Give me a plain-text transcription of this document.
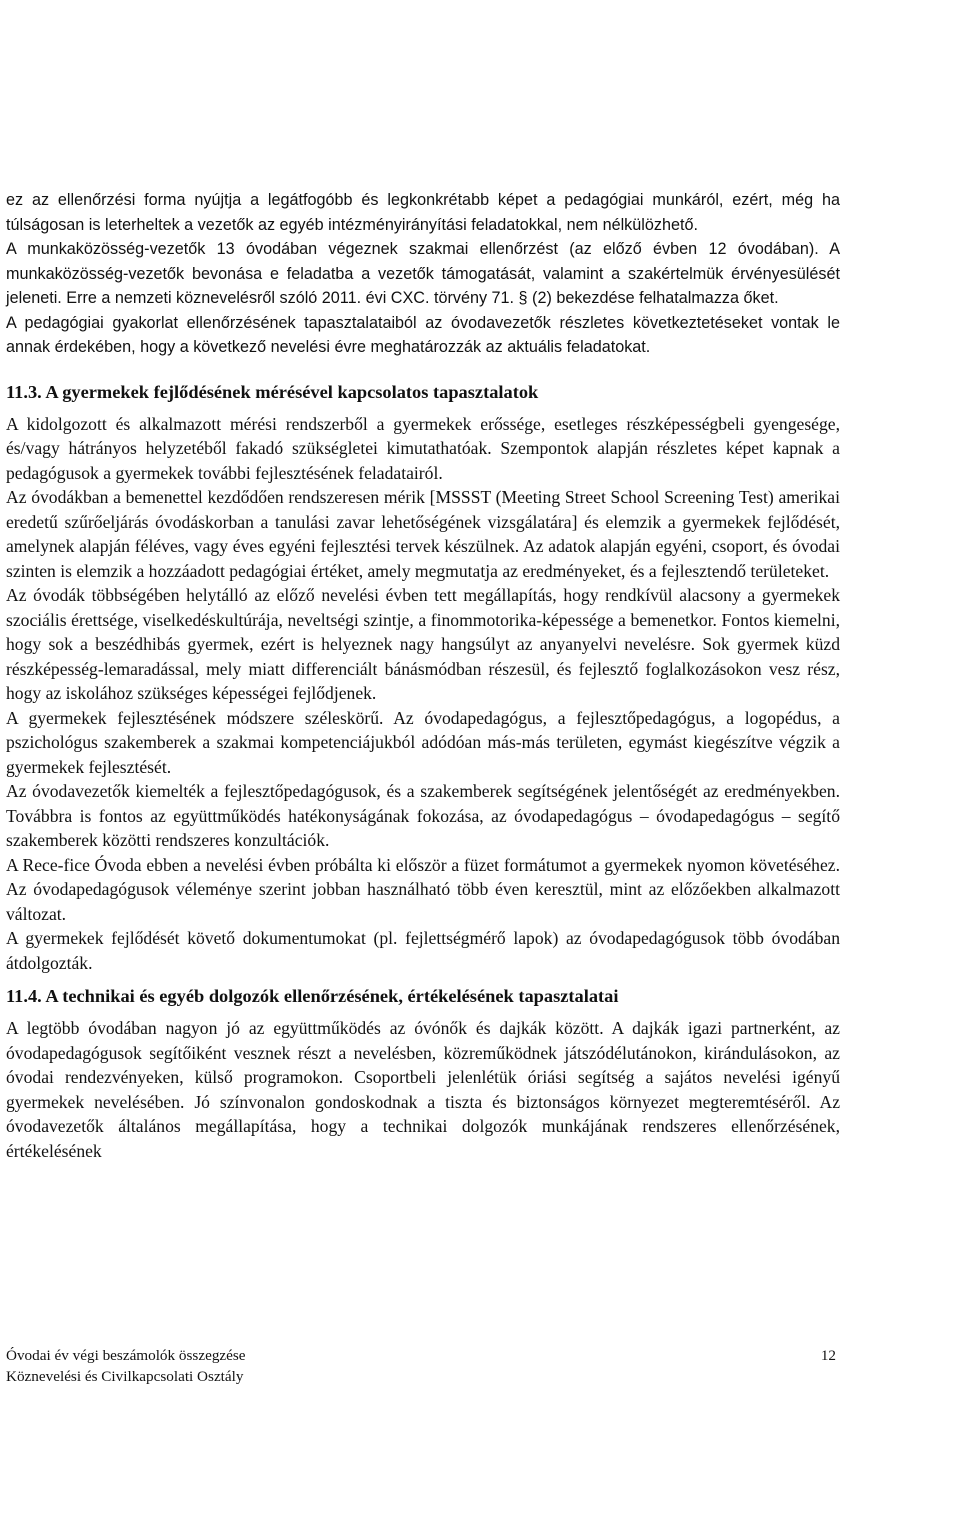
ez az ellenőrzési forma nyújtja a legátfogóbb és legkonkrétabb képet a pedagógiai munkáról, ezért, még ha túlságosan is leterheltek a vezetők az egyéb intézményirányítási feladatokkal, nem nélkülözhető.

A munkaközösség-vezetők 13 óvodában végeznek szakmai ellenőrzést (az előző évben 12 óvodában). A munkaközösség-vezetők bevonása e feladatba a vezetők támogatását, valamint a szakértelmük érvényesülését jeleneti. Erre a nemzeti köznevelésről szóló 2011. évi CXC. törvény 71. § (2) bekezdése felhatalmazza őket.

A pedagógiai gyakorlat ellenőrzésének tapasztalataiból az óvodavezetők részletes következtetéseket vontak le annak érdekében, hogy a következő nevelési évre meghatározzák az aktuális feladatokat.

11.3. A gyermekek fejlődésének mérésével kapcsolatos tapasztalatok

A kidolgozott és alkalmazott mérési rendszerből a gyermekek erőssége, esetleges részképességbeli gyengesége, és/vagy hátrányos helyzetéből fakadó szükségletei kimutathatóak. Szempontok alapján részletes képet kapnak a pedagógusok a gyermekek további fejlesztésének feladatairól.

Az óvodákban a bemenettel kezdődően rendszeresen mérik [MSSST (Meeting Street School Screening Test) amerikai eredetű szűrőeljárás óvodáskorban a tanulási zavar lehetőségének vizsgálatára] és elemzik a gyermekek fejlődését, amelynek alapján féléves, vagy éves egyéni fejlesztési tervek készülnek. Az adatok alapján egyéni, csoport, és óvodai szinten is elemzik a hozzáadott pedagógiai értéket, amely megmutatja az eredményeket, és a fejlesztendő területeket.

Az óvodák többségében helytálló az előző nevelési évben tett megállapítás, hogy rendkívül alacsony a gyermekek szociális érettsége, viselkedéskultúrája, neveltségi szintje, a finommotorika-képessége a bemenetkor. Fontos kiemelni, hogy sok a beszédhibás gyermek, ezért is helyeznek nagy hangsúlyt az anyanyelvi nevelésre. Sok gyermek küzd részképesség-lemaradással, mely miatt differenciált bánásmódban részesül, és fejlesztő foglalkozásokon vesz rész, hogy az iskolához szükséges képességei fejlődjenek.

A gyermekek fejlesztésének módszere széleskörű. Az óvodapedagógus, a fejlesztőpedagógus, a logopédus, a pszichológus szakemberek a szakmai kompetenciájukból adódóan más-más területen, egymást kiegészítve végzik a gyermekek fejlesztését.

Az óvodavezetők kiemelték a fejlesztőpedagógusok, és a szakemberek segítségének jelentőségét az eredményekben. Továbbra is fontos az együttműködés hatékonyságának fokozása, az óvodapedagógus – óvodapedagógus – segítő szakemberek közötti rendszeres konzultációk.

A Rece-fice Óvoda ebben a nevelési évben próbálta ki először a füzet formátumot a gyermekek nyomon követéséhez. Az óvodapedagógusok véleménye szerint jobban használható több éven keresztül, mint az előzőekben alkalmazott változat.

A gyermekek fejlődését követő dokumentumokat (pl. fejlettségmérő lapok) az óvodapedagógusok több óvodában átdolgozták.

11.4. A technikai és egyéb dolgozók ellenőrzésének, értékelésének tapasztalatai

A legtöbb óvodában nagyon jó az együttműködés az óvónők és dajkák között. A dajkák igazi partnerként, az óvodapedagógusok segítőiként vesznek részt a nevelésben, közreműködnek játszódélutánokon, kirándulásokon, az óvodai rendezvényeken, külső programokon. Csoportbeli jelenlétük óriási segítség a sajátos nevelési igényű gyermekek nevelésében. Jó színvonalon gondoskodnak a tiszta és biztonságos környezet megteremtéséről. Az óvodavezetők általános megállapítása, hogy a technikai dolgozók munkájának rendszeres ellenőrzésének, értékelésének

Óvodai év végi beszámolók összegzése	12
Köznevelési és Civilkapcsolati Osztály
